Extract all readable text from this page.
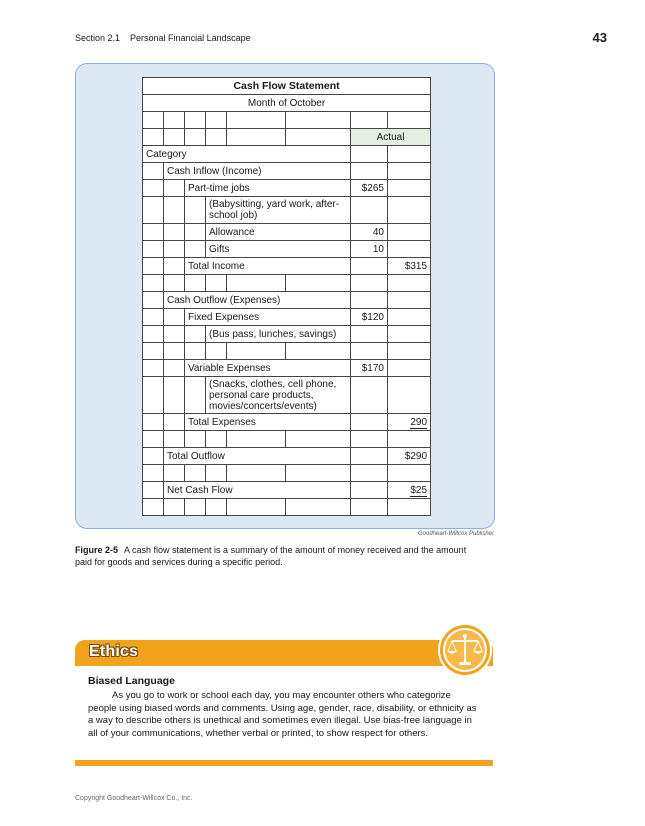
Section 2.1 Personal Financial Landscape	43
Cash Flow Statement							
Month of October							

						Actual	
Category							
	Cash Inflow (Income)						
		Part-time jobs				$265	
			(Babysitting, yard work, after-school job)				
			Allowance			40	
			Gifts			10	
		Total Income					$315

	Cash Outflow (Expenses)						
		Fixed Expenses				$120	
			(Bus pass, lunches, savings)				

		Variable Expenses				$170	
			(Snacks, clothes, cell phone, personal care products, movies/concerts/events)				
		Total Expenses					290

	Total Outflow						$290

	Net Cash Flow						$25

Goodheart-Willcox Publisher
Figure 2-5 A cash flow statement is a summary of the amount of money received and the amount paid for goods and services during a specific period.
Ethics
Biased Language
As you go to work or school each day, you may encounter others who categorize people using biased words and comments. Using age, gender, race, disability, or ethnicity as a way to describe others is unethical and sometimes even illegal. Use bias-free language in all of your communications, whether verbal or printed, to show respect for others.
Copyright Goodheart-Willcox Co., Inc.
